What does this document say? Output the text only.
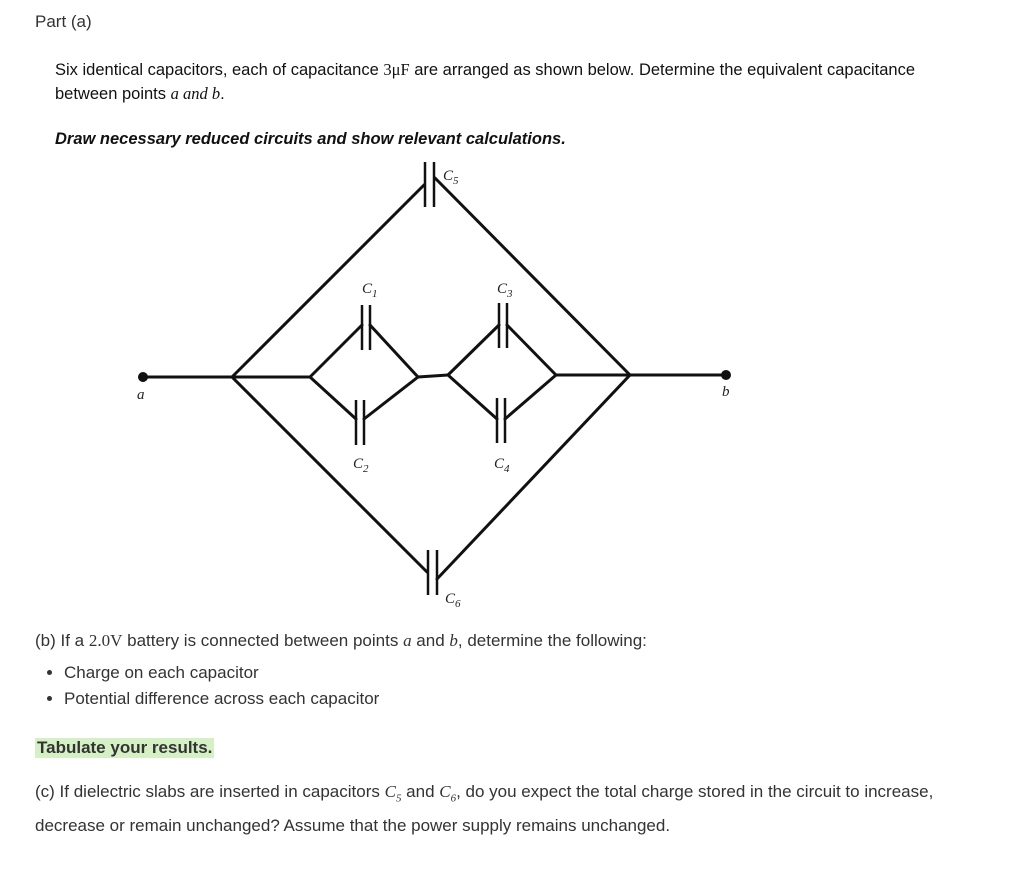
Part (a)
Six identical capacitors, each of capacitance 3μF are arranged as shown below. Determine the equivalent capacitance between points a and b.
Draw necessary reduced circuits and show relevant calculations.
$C_5$
$C_1$	$C_3$
$C_2$	$C_4$
$C_6$
a	b
(b) If a 2.0V battery is connected between points a and b, determine the following:
• Charge on each capacitor
• Potential difference across each capacitor
Tabulate your results.
(c) If dielectric slabs are inserted in capacitors $C_5$ and $C_6$, do you expect the total charge stored in the circuit to increase, decrease or remain unchanged? Assume that the power supply remains unchanged.
